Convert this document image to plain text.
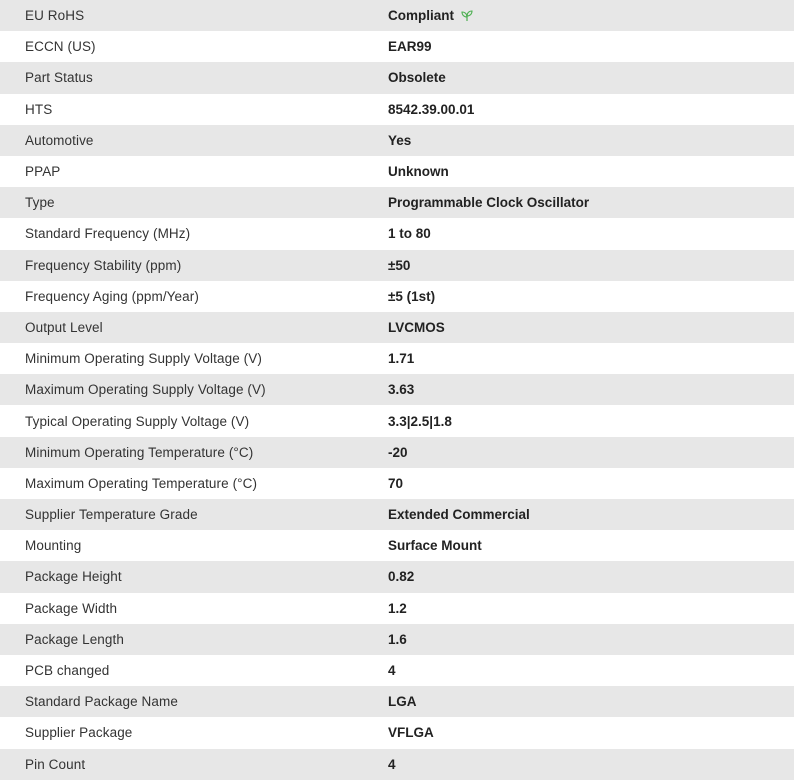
EU RoHS	Compliant
ECCN (US)	EAR99
Part Status	Obsolete
HTS	8542.39.00.01
Automotive	Yes
PPAP	Unknown
Type	Programmable Clock Oscillator
Standard Frequency (MHz)	1 to 80
Frequency Stability (ppm)	±50
Frequency Aging (ppm/Year)	±5 (1st)
Output Level	LVCMOS
Minimum Operating Supply Voltage (V)	1.71
Maximum Operating Supply Voltage (V)	3.63
Typical Operating Supply Voltage (V)	3.3|2.5|1.8
Minimum Operating Temperature (°C)	-20
Maximum Operating Temperature (°C)	70
Supplier Temperature Grade	Extended Commercial
Mounting	Surface Mount
Package Height	0.82
Package Width	1.2
Package Length	1.6
PCB changed	4
Standard Package Name	LGA
Supplier Package	VFLGA
Pin Count	4
